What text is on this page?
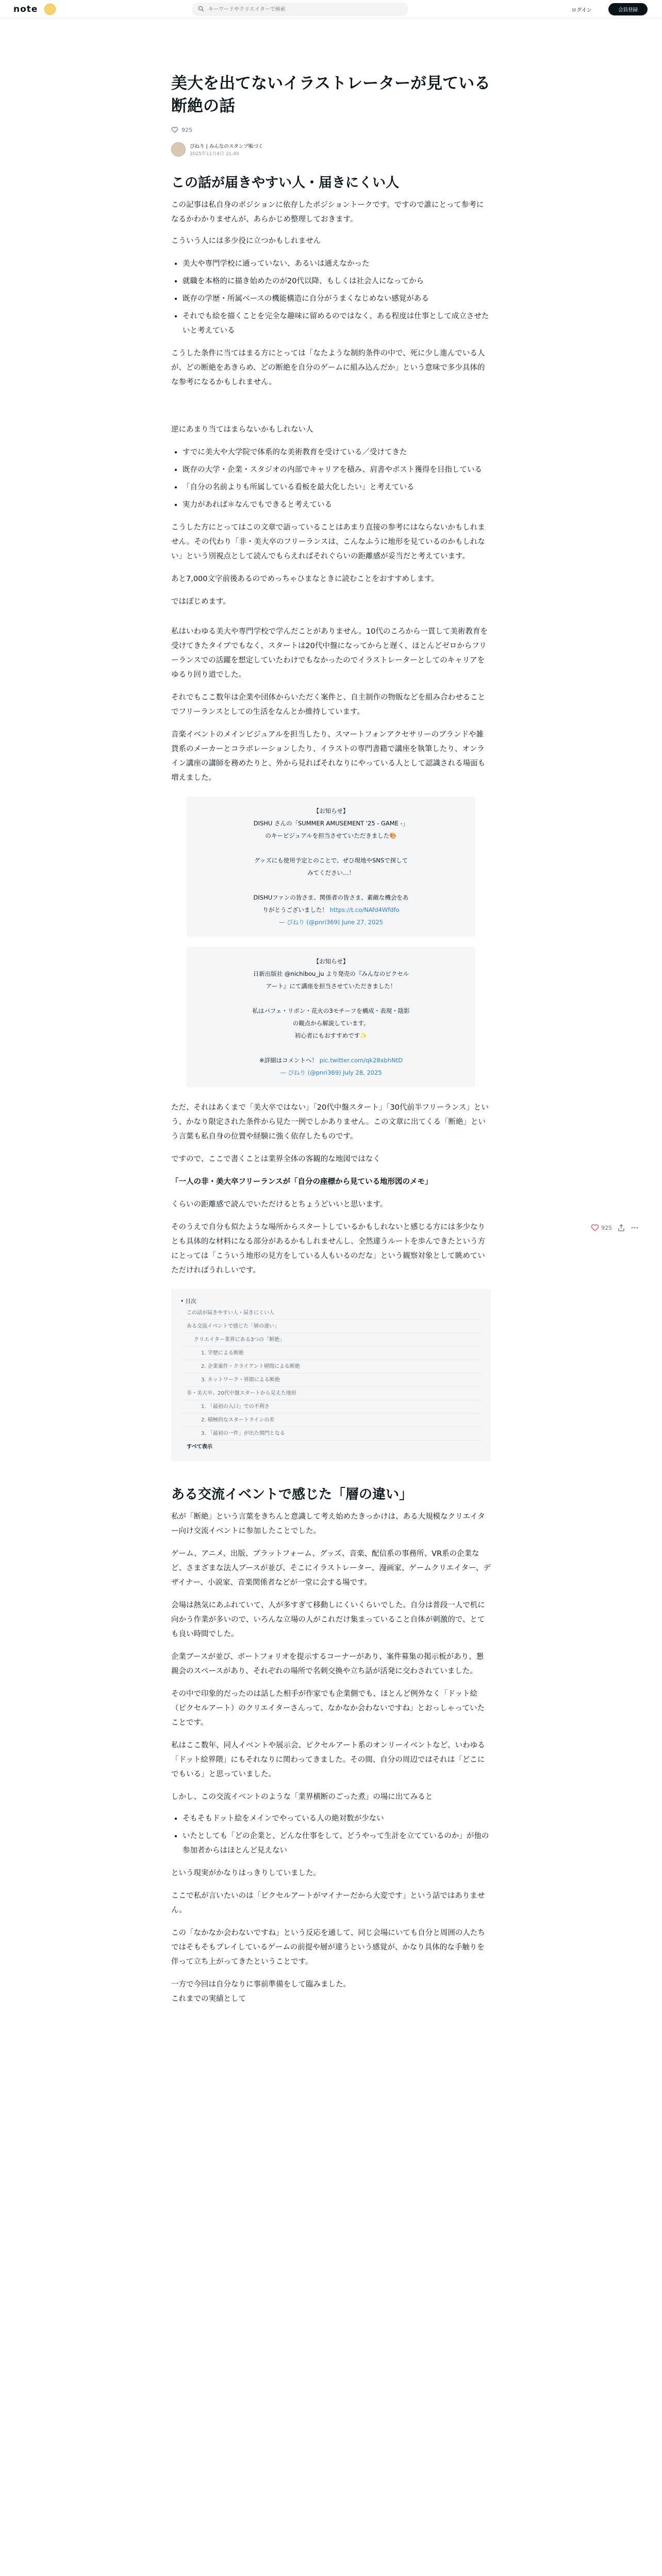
note
キーワードやクリエイターで検索	ログイン	会員登録
美大を出てないイラストレーターが見ている断絶の話
925
ぴねり | みんなのスタンプ帳づく
2025年11月4日 21:40
この話が届きやすい人・届きにくい人

この記事は私自身のポジションに依存したポジショントークです。ですので誰にとって参考になるかわかりませんが、あらかじめ整理しておきます。

こういう人には多少役に立つかもしれません

• 美大や専門学校に通っていない、あるいは通えなかった
• 就職を本格的に描き始めたのが20代以降、もしくは社会人になってから
• 既存の学歴・所属ベースの機能構造に自分がうまくなじめない感覚がある
• それでも絵を描くことを完全な趣味に留めるのではなく、ある程度は仕事として成立させたいと考えている

こうした条件に当てはまる方にとっては「なたような制約条件の中で、死に少し進んでいる人が、どの断絶をあきらめ、どの断絶を自分のゲームに組み込んだか」という意味で多少具体的な参考になるかもしれません。

逆にあまり当てはまらないかもしれない人

• すでに美大や大学院で体系的な美術教育を受けている／受けてきた
• 既存の大学・企業・スタジオの内部でキャリアを積み、肩書やポスト獲得を目指している
• 「自分の名前よりも所属している看板を最大化したい」と考えている
• 実力があれば＊なんでもできると考えている

こうした方にとってはこの文章で語っていることはあまり直接の参考にはならないかもしれません。その代わり「非・美大卒のフリーランスは、こんなふうに地形を見ているのかもしれない」という別視点として読んでもらえればそれぐらいの距離感が妥当だと考えています。

あと7,000文字前後あるのでめっちゃひまなときに読むことをおすすめします。

ではぽじめます。

私はいわゆる美大や専門学校で学んだことがありません。10代のころから一貫して美術教育を受けてきたタイプでもなく、スタートは20代中盤になってからと遅く、ほとんどゼロからフリーランスでの活躍を想定していたわけでもなかったのでイラストレーターとしてのキャリアをゆるり回り道でした。

それでもここ数年は企業や団体からいただく案件と、自主制作の物販などを組み合わせることでフリーランスとしての生活をなんとか維持しています。

音楽イベントのメインビジュアルを担当したり、スマートフォンアクセサリーのブランドや雑貨系のメーカーとコラボレーションしたり、イラストの専門書籍で講座を執筆したり、オンライン講座の講師を務めたりと、外から見ればそれなりにやっている人として認識される場面も増えました。

【お知らせ】
DISHU さんの「SUMMER AMUSEMENT '25 - GAME -」
のキービジュアルを担当させていただきました🎨

グッズにも使用予定とのことで、ぜひ現地やSNSで探して
みてください…！

DISHUファンの皆さま、関係者の皆さま、素敵な機会をあ
りがとうございました！ https://t.co/NAfd4Wfdfo
— ぴねり (@pnri369) June 27, 2025
【お知らせ】
日新出版社 @nichibou_ju より発売の『みんなのピクセル
アート』にて講座を担当させていただきました！

私はパフェ・リボン・花火の3モチーフを構成・表現・陰影
の観点から解説しています。
初心者にもおすすめです✨

※詳細はコメントへ！ pic.twitter.com/qk28xbhNtD
— ぴねり (@pnri369) July 28, 2025

ただ、それはあくまで「美大卒ではない」「20代中盤スタート」「30代前半フリーランス」という、かなり限定された条件から見た一例でしかありません。この文章に出てくる「断絶」という言葉も私自身の位置や経験に強く依存したものです。

ですので、ここで書くことは業界全体の客観的な地図ではなく

「一人の非・美大卒フリーランスが「自分の座標から見ている地形図のメモ」

くらいの距離感で読んでいただけるとちょうどいいと思います。

そのうえで自分も似たような場所からスタートしているかもしれないと感じる方には多少なりとも具体的な材料になる部分があるかもしれませんし、全然違うルートを歩んできたという方にとっては「こういう地形の見方をしている人もいるのだな」という観察対象として眺めていただければうれしいです。

• 目次
この話が届きやすい人・届きにくい人
ある交流イベントで感じた「層の違い」
クリエイター業界にある3つの「断絶」
1. 学歴による断絶
2. 企業案件・クライアント層間による断絶
3. ネットワーク・界隈による断絶
非・美大卒、20代中盤スタートから見えた地形
1. 「最初の入口」での不利さ
2. 積極的なスタートラインの差
3. 「最初の一件」が出た関門となる
すべて表示
ある交流イベントで感じた「層の違い」

私が「断絶」という言葉をきちんと意識して考え始めたきっかけは、ある大規模なクリエイター向け交流イベントに参加したことでした。

ゲーム、アニメ、出版、プラットフォーム、グッズ、音楽、配信系の事務所、VR系の企業など、さまざまな法人ブースが並び、そこにイラストレーター、漫画家、ゲームクリエイター、デザイナー、小説家、音楽関係者などが一堂に会する場です。

会場は熱気にあふれていて、人が多すぎて移動しにくいくらいでした。自分は普段一人で机に向かう作業が多いので、いろんな立場の人がこれだけ集まっていること自体が刺激的で、とても良い時間でした。

企業ブースが並び、ポートフォリオを提示するコーナーがあり、案件募集の掲示板があり、懇親会のスペースがあり、それぞれの場所で名刺交換や立ち話が活発に交わされていました。

その中で印象的だったのは話した相手が作家でも企業側でも、ほとんど例外なく「ドット絵（ピクセルアート）のクリエイターさんって、なかなか会わないですね」とおっしゃっていたことです。

私はここ数年、同人イベントや展示会、ピクセルアート系のオンリーイベントなど、いわゆる「ドット絵界隈」にもそれなりに関わってきました。その間、自分の周辺ではそれは「どこにでもいる」と思っていました。

しかし、この交流イベントのような「業界横断のごった煮」の場に出てみると

• そもそもドット絵をメインでやっている人の絶対数が少ない
• いたとしても「どの企業と、どんな仕事をして、どうやって生計を立てているのか」が他の参加者からはほとんど見えない

という現実がかなりはっきりしていました。

ここで私が言いたいのは「ピクセルアートがマイナーだから大変です」という話ではありません。

この「なかなか会わないですね」という反応を通して、同じ会場にいても自分と周囲の人たちではそもそもプレイしているゲームの前提や層が違うという感覚が、かなり具体的な手触りを伴って立ち上がってきたということです。

一方で今回は自分なりに事前準備をして臨みました。

これまでの実績として

925
